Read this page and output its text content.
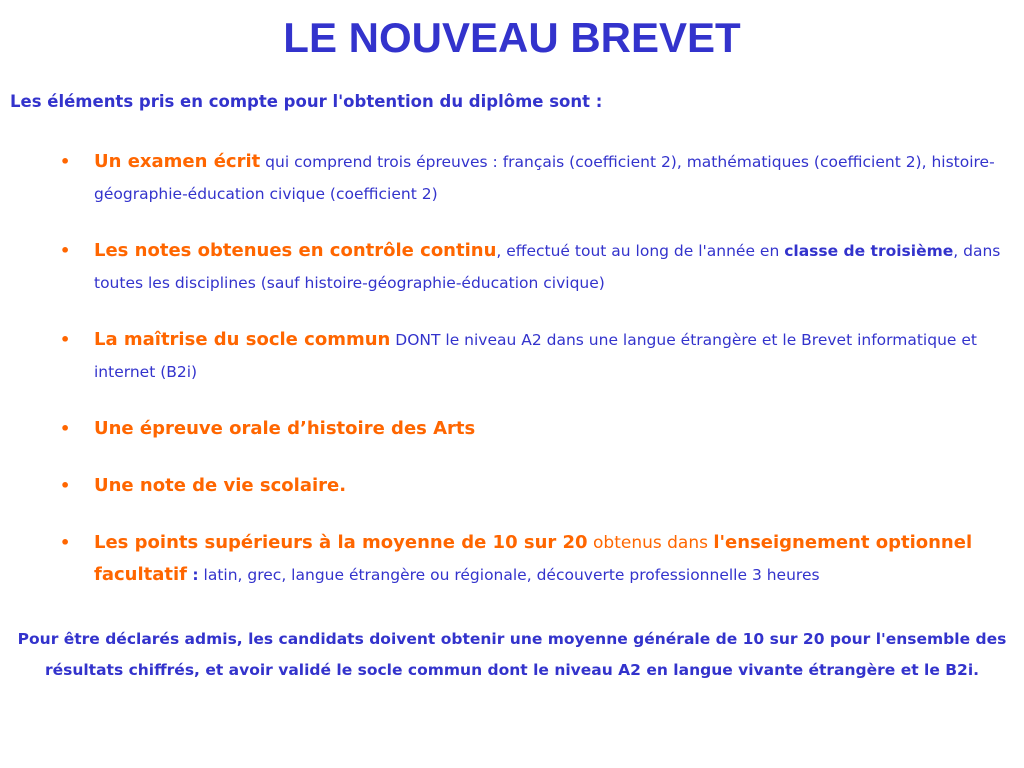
LE NOUVEAU BREVET
Les éléments pris en compte pour l'obtention du diplôme sont :
• Un examen écrit qui comprend trois épreuves : français (coefficient 2), mathématiques (coefficient 2), histoire-géographie-éducation civique (coefficient 2)
• Les notes obtenues en contrôle continu, effectué tout au long de l'année en classe de troisième, dans toutes les disciplines (sauf histoire-géographie-éducation civique)
• La maîtrise du socle commun DONT le niveau A2 dans une langue étrangère et le Brevet informatique et internet (B2i)
• Une épreuve orale d’histoire des Arts
• Une note de vie scolaire.
• Les points supérieurs à la moyenne de 10 sur 20 obtenus dans l'enseignement optionnel facultatif : latin, grec, langue étrangère ou régionale, découverte professionnelle 3 heures
Pour être déclarés admis, les candidats doivent obtenir une moyenne générale de 10 sur 20 pour l'ensemble des résultats chiffrés, et avoir validé le socle commun dont le niveau A2 en langue vivante étrangère et le B2i.
